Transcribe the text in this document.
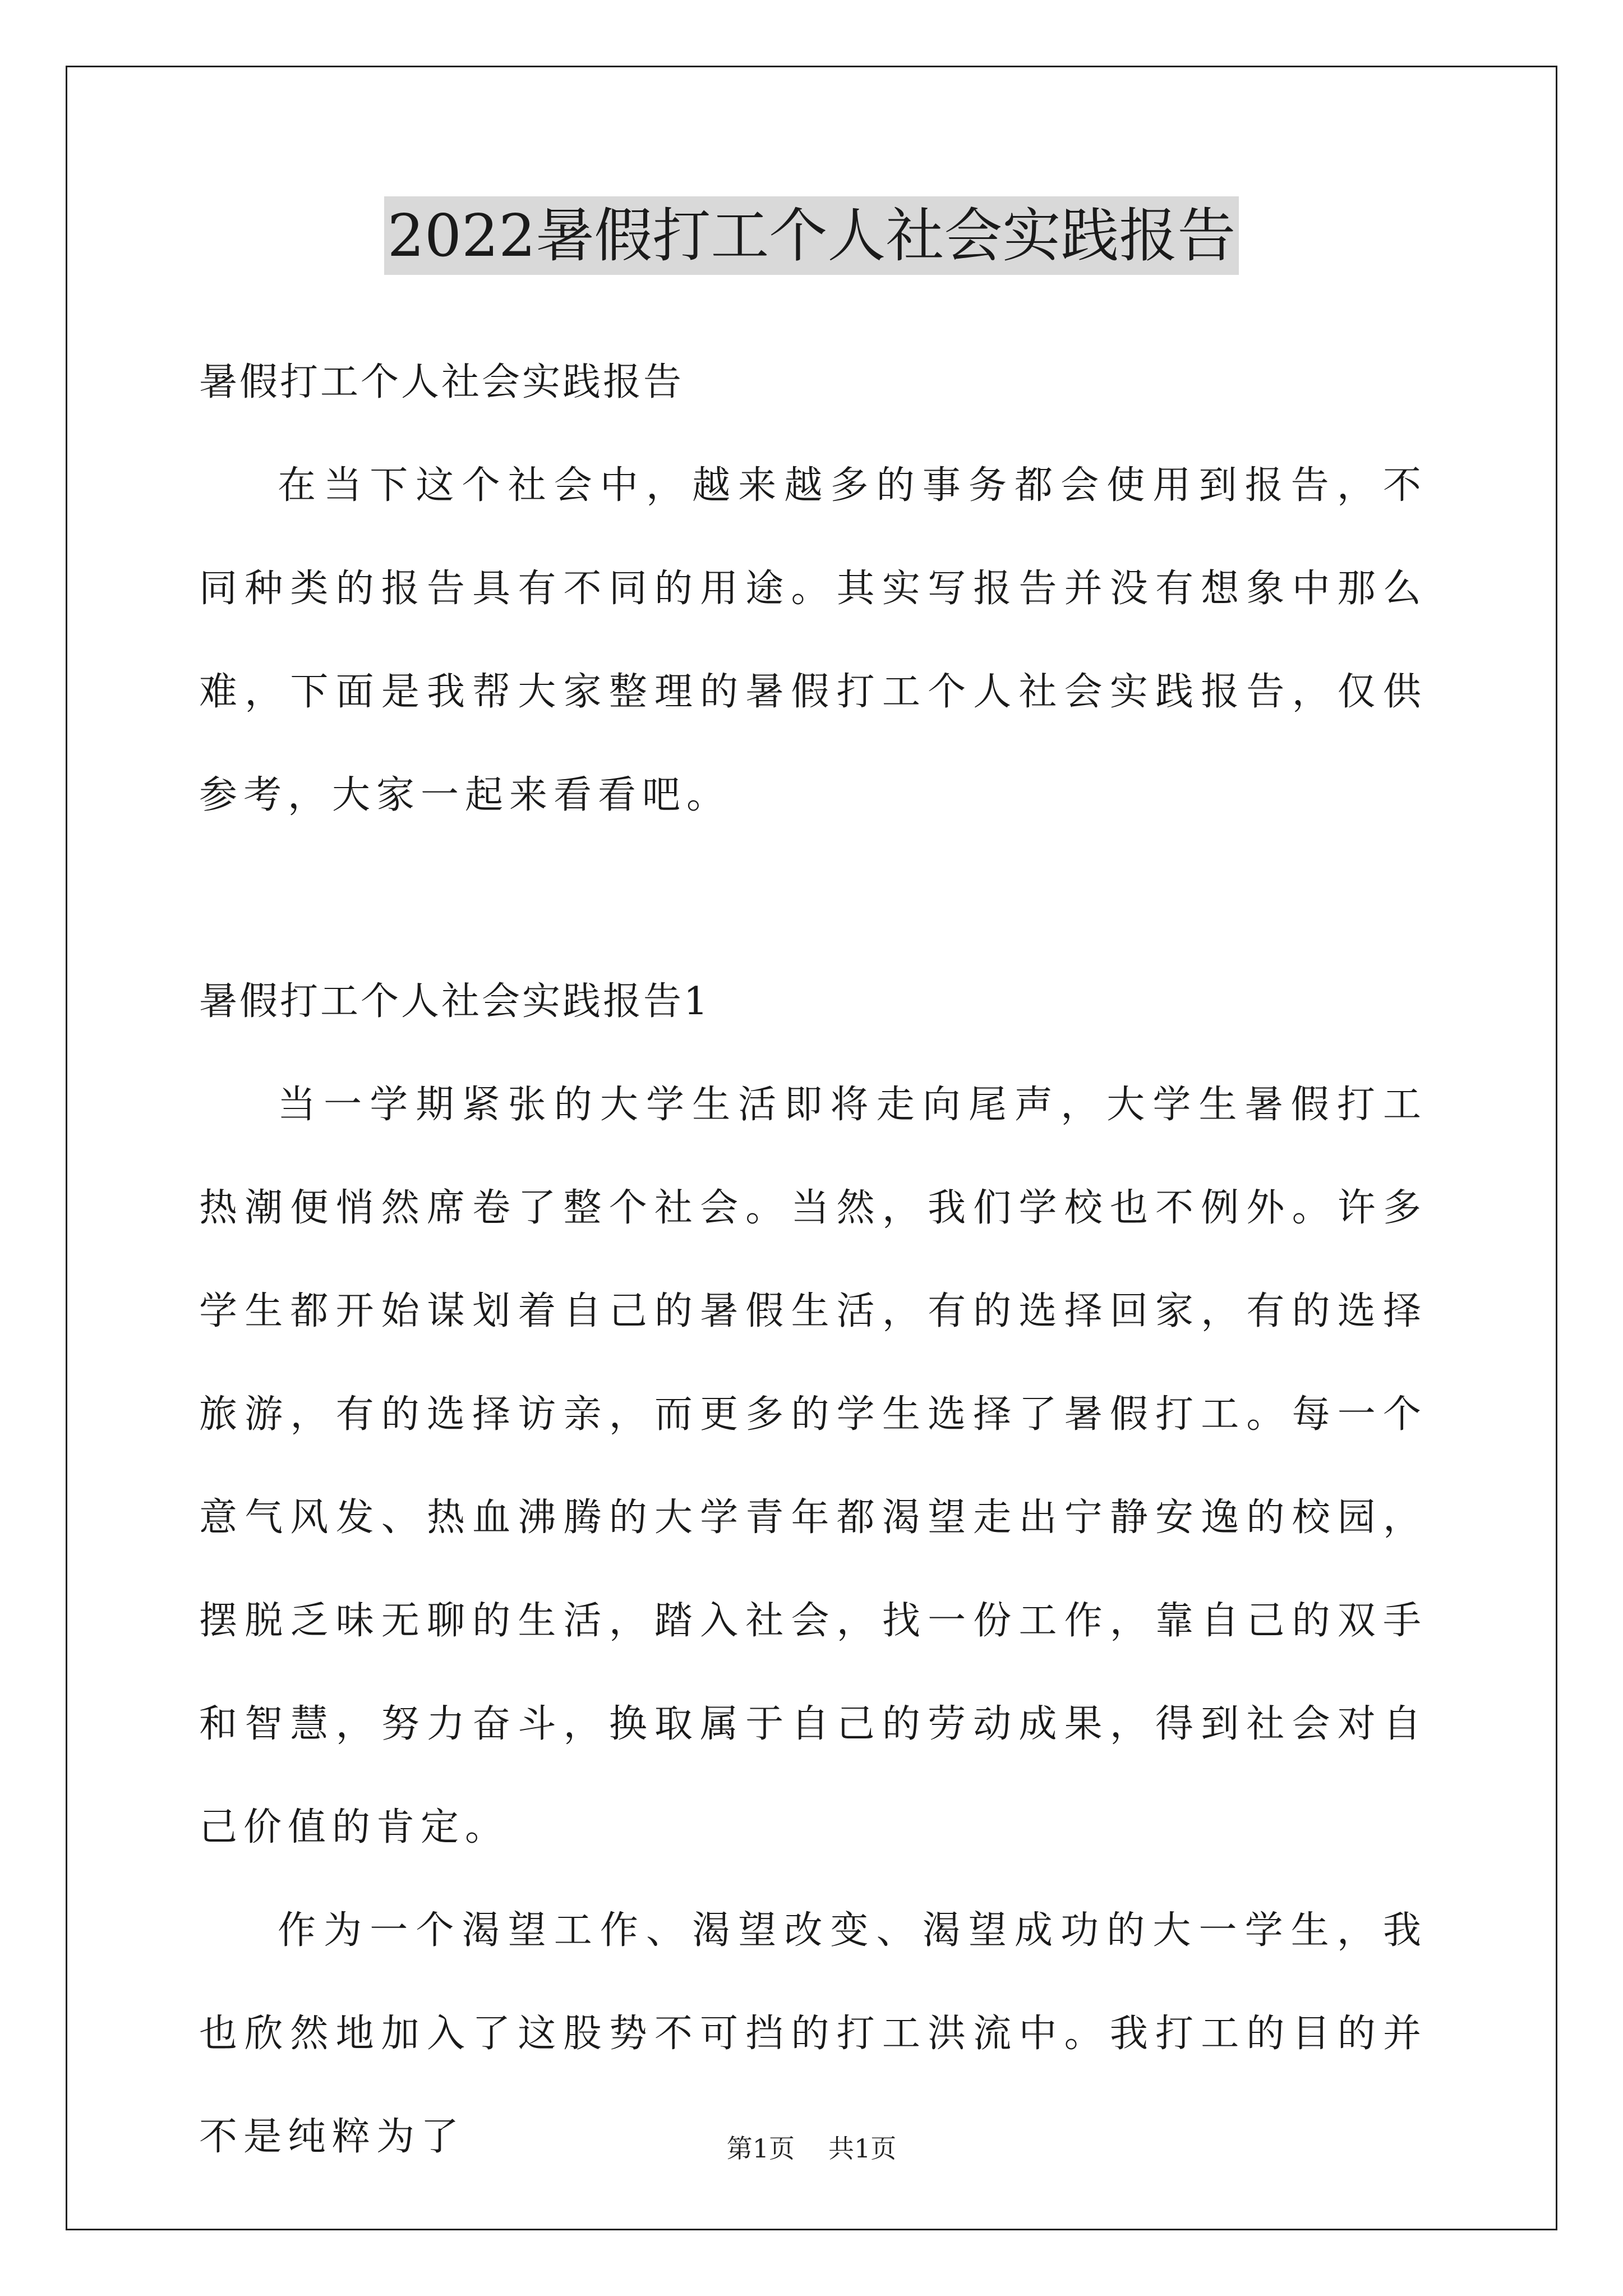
2022暑假打工个人社会实践报告

暑假打工个人社会实践报告

在当下这个社会中，越来越多的事务都会使用到报告，不同种类的报告具有不同的用途。其实写报告并没有想象中那么难，下面是我帮大家整理的暑假打工个人社会实践报告，仅供参考，大家一起来看看吧。

暑假打工个人社会实践报告1

当一学期紧张的大学生活即将走向尾声，大学生暑假打工热潮便悄然席卷了整个社会。当然，我们学校也不例外。许多学生都开始谋划着自己的暑假生活，有的选择回家，有的选择旅游，有的选择访亲，而更多的学生选择了暑假打工。每一个意气风发、热血沸腾的大学青年都渴望走出宁静安逸的校园，摆脱乏味无聊的生活，踏入社会，找一份工作，靠自己的双手和智慧，努力奋斗，换取属于自己的劳动成果，得到社会对自己价值的肯定。

作为一个渴望工作、渴望改变、渴望成功的大一学生，我也欣然地加入了这股势不可挡的打工洪流中。我打工的目的并不是纯粹为了	第1页 共1页
